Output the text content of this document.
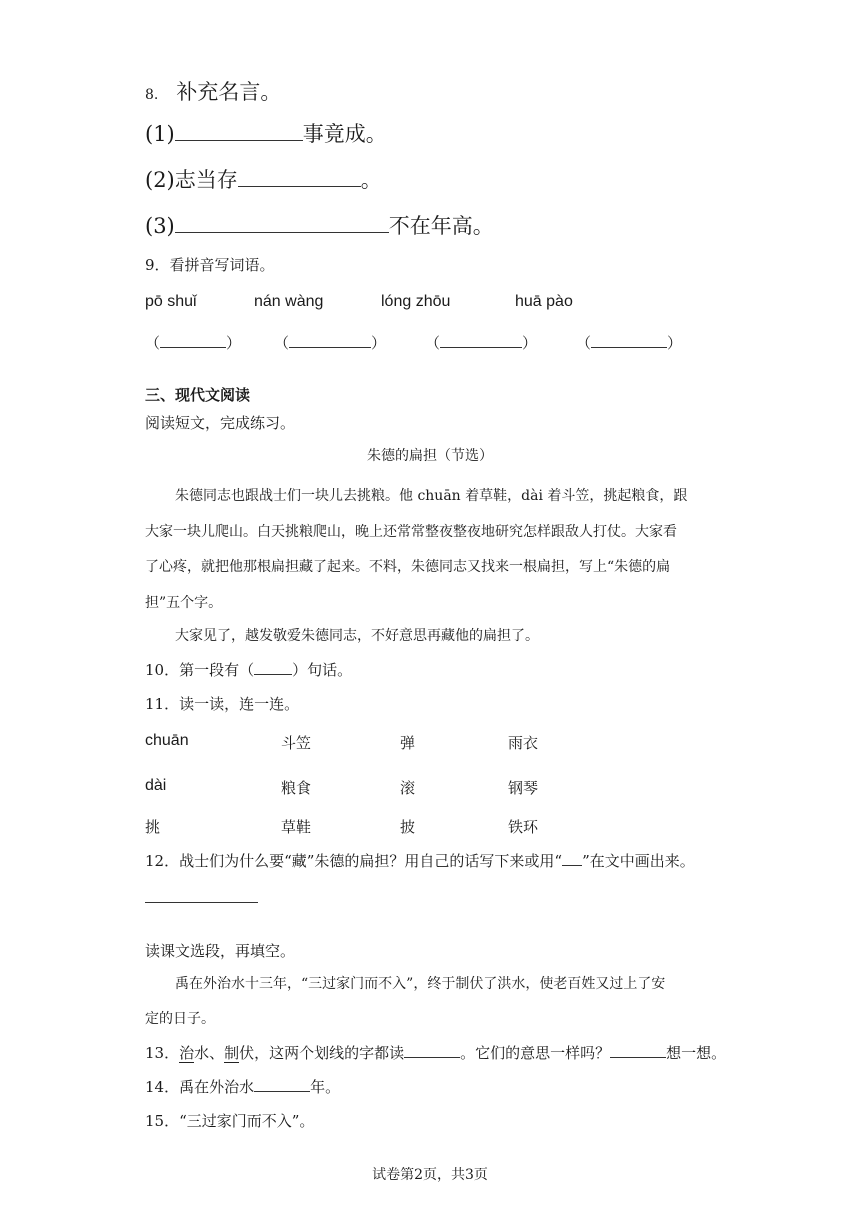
8. 补充名言。
(1)	事竟成。
(2)志当存	。
(3)	不在年高。
9．看拼音写词语。
pō shuǐ	nán wàng	lóng zhōu	huā pào
（	） （	）	（	）	（	）
三、现代文阅读
阅读短文，完成练习。
朱德的扁担（节选）
朱德同志也跟战士们一块儿去挑粮。他 chuān 着草鞋，dài 着斗笠，挑起粮食，跟
大家一块儿爬山。白天挑粮爬山，晚上还常常整夜整夜地研究怎样跟敌人打仗。大家看
了心疼，就把他那根扁担藏了起来。不料，朱德同志又找来一根扁担，写上“朱德的扁
担”五个字。
大家见了，越发敬爱朱德同志，不好意思再藏他的扁担了。
10．第一段有（	）句话。
11．读一读，连一连。
chuān	斗笠	弹	雨衣
dài	粮食	滚	钢琴
挑	草鞋	披	铁环
12．战士们为什么要“藏”朱德的扁担？用自己的话写下来或用“ ”在文中画出来。
读课文选段，再填空。
禹在外治水十三年，“三过家门而不入”，终于制伏了洪水，使老百姓又过上了安
定的日子。
13．治水、制伏，这两个划线的字都读	。它们的意思一样吗？	想一想。
14．禹在外治水	年。
15．“三过家门而不入”。
试卷第2页，共3页
